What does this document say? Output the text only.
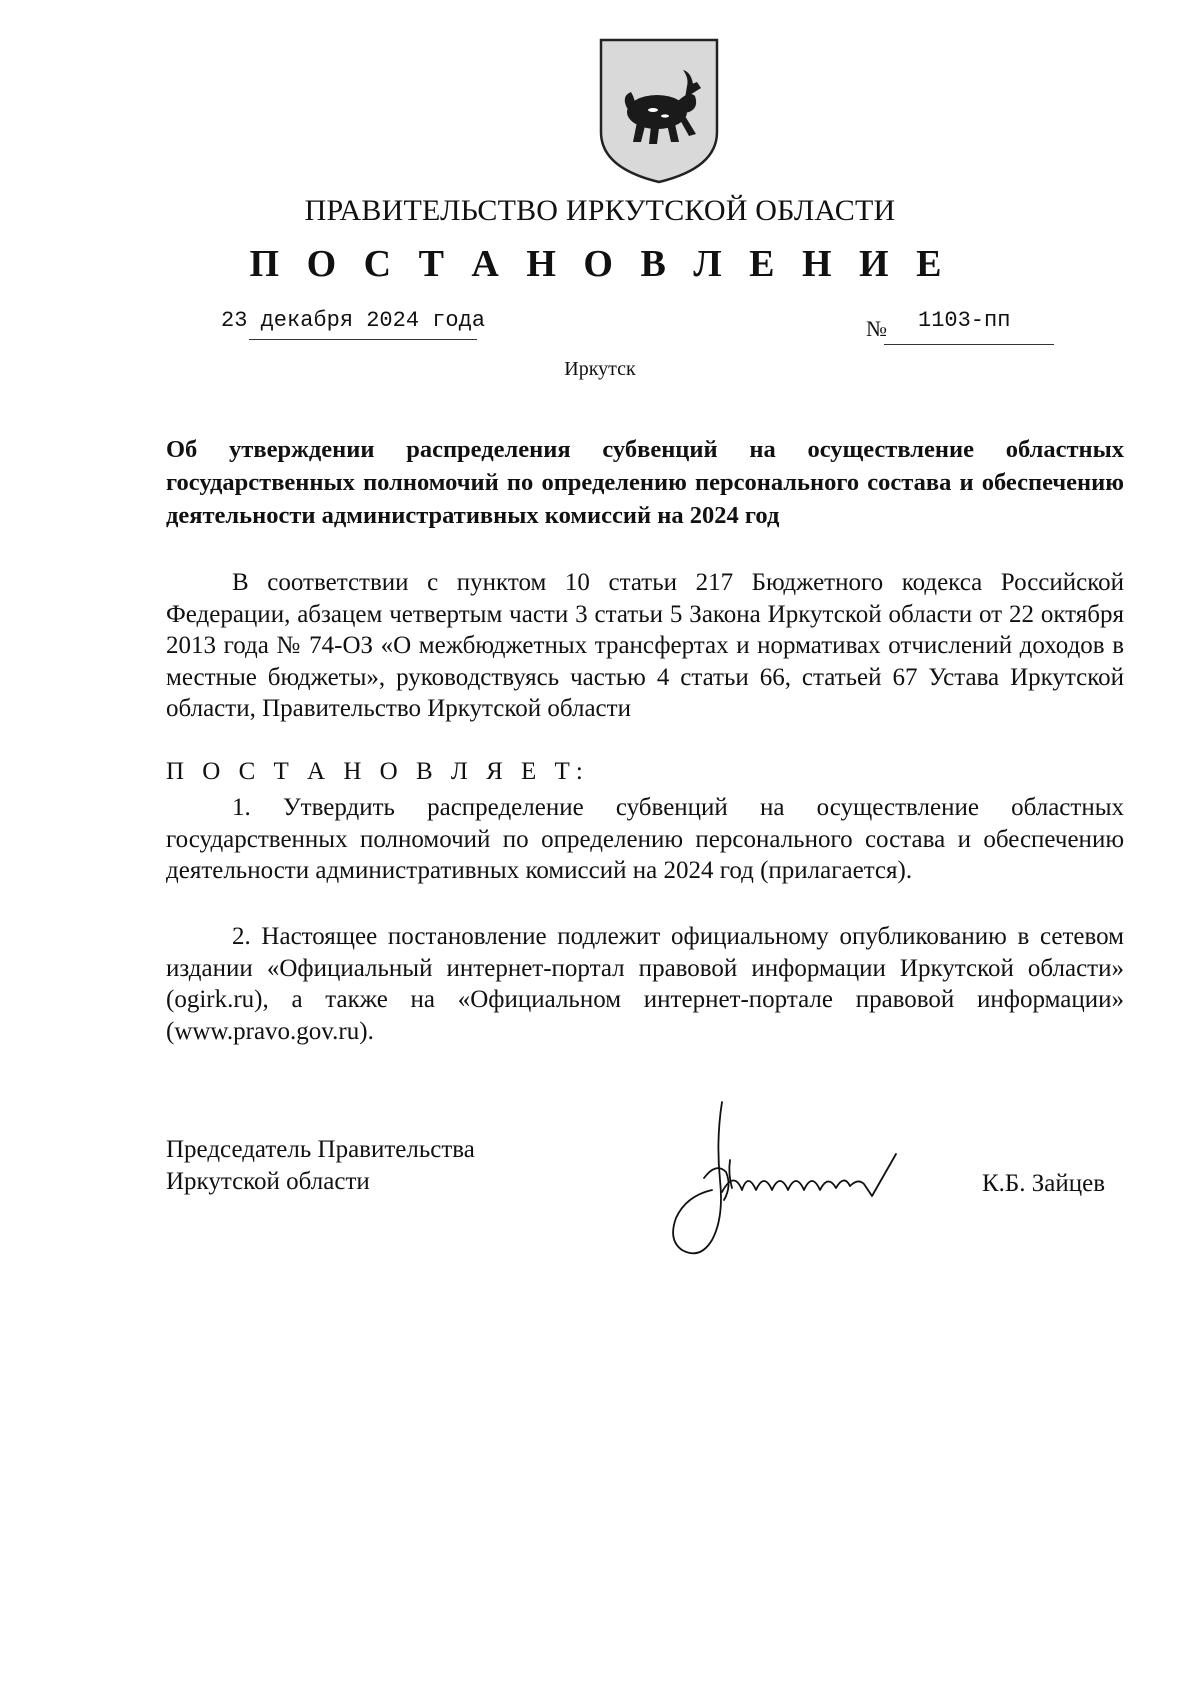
ПРАВИТЕЛЬСТВО ИРКУТСКОЙ ОБЛАСТИ
П О С Т А Н О В Л Е Н И Е
23 декабря 2024 года	№ 1103-пп
Иркутск
Об утверждении распределения субвенций на осуществление областных государственных полномочий по определению персонального состава и обеспечению деятельности административных комиссий на 2024 год

В соответствии с пунктом 10 статьи 217 Бюджетного кодекса Российской Федерации, абзацем четвертым части 3 статьи 5 Закона Иркутской области от 22 октября 2013 года № 74-ОЗ «О межбюджетных трансфертах и нормативах отчислений доходов в местные бюджеты», руководствуясь частью 4 статьи 66, статьей 67 Устава Иркутской области, Правительство Иркутской области

П О С Т А Н О В Л Я Е Т:

1. Утвердить распределение субвенций на осуществление областных государственных полномочий по определению персонального состава и обеспечению деятельности административных комиссий на 2024 год (прилагается).

2. Настоящее постановление подлежит официальному опубликованию в сетевом издании «Официальный интернет-портал правовой информации Иркутской области» (ogirk.ru), а также на «Официальном интернет-портале правовой информации» (www.pravo.gov.ru).

Председатель Правительства
Иркутской области	К.Б. Зайцев
